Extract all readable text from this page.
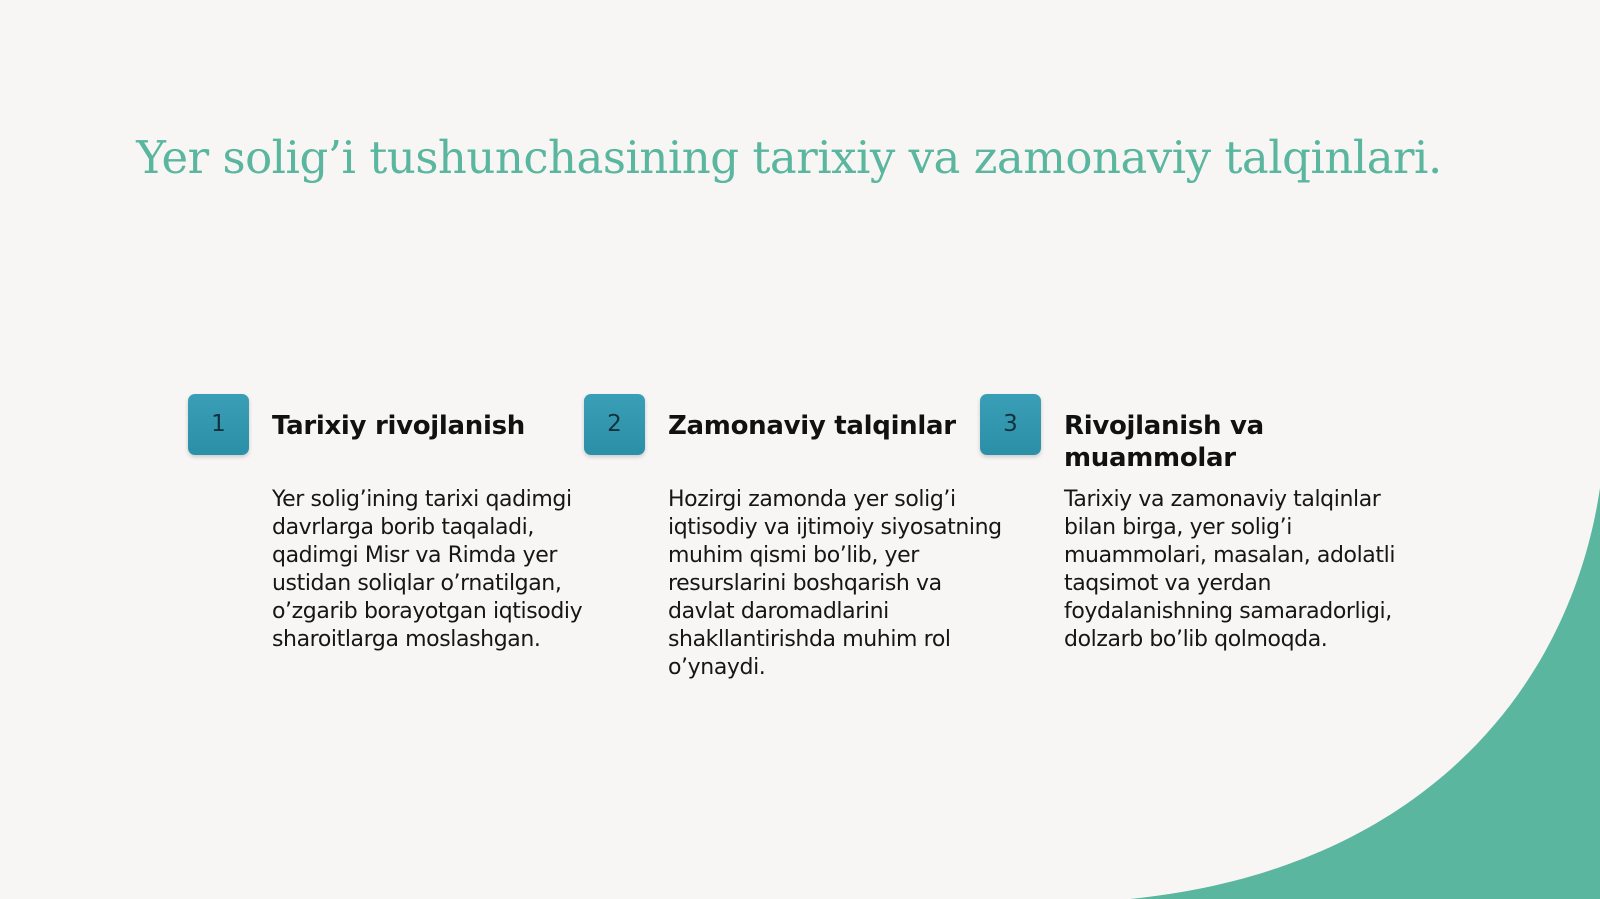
Yer solig’i tushunchasining tarixiy va zamonaviy talqinlari.
1	Tarixiy rivojlanish

Yer solig’ining tarixi qadimgi davrlarga borib taqaladi, qadimgi Misr va Rimda yer ustidan soliqlar o’rnatilgan, o’zgarib borayotgan iqtisodiy sharoitlarga moslashgan.

2	Zamonaviy talqinlar

Hozirgi zamonda yer solig’i iqtisodiy va ijtimoiy siyosatning muhim qismi bo’lib, yer resurslarini boshqarish va davlat daromadlarini shakllantirishda muhim rol o’ynaydi.

3	Rivojlanish va muammolar

Tarixiy va zamonaviy talqinlar bilan birga, yer solig’i muammolari, masalan, adolatli taqsimot va yerdan foydalanishning samaradorligi, dolzarb bo’lib qolmoqda.
